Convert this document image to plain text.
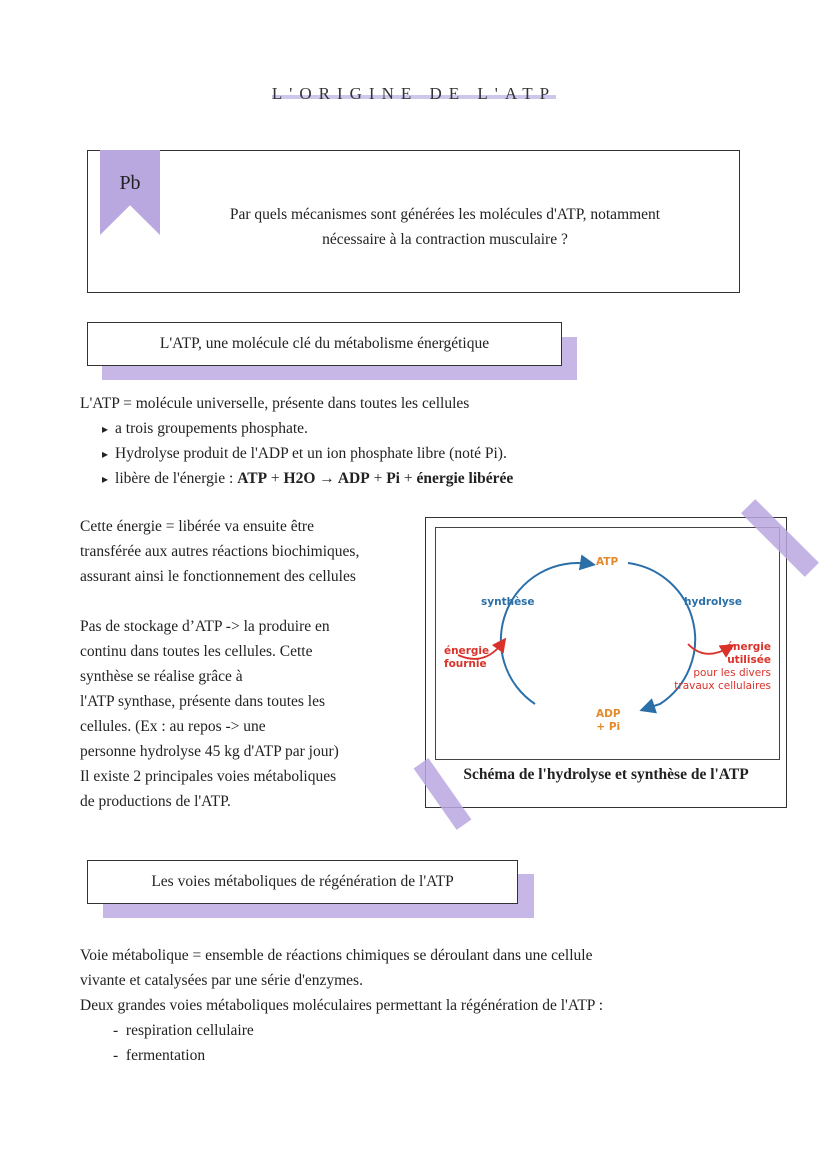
L'ORIGINE DE L'ATP
Pb
Par quels mécanismes sont générées les molécules d'ATP, notamment
nécessaire à la contraction musculaire ?
L'ATP, une molécule clé du métabolisme énergétique
L'ATP = molécule universelle, présente dans toutes les cellules
▸ a trois groupements phosphate.
▸ Hydrolyse produit de l'ADP et un ion phosphate libre (noté Pi).
▸ libère de l'énergie : ATP + H2O → ADP + Pi + énergie libérée
Cette énergie = libérée va ensuite être
transférée aux autres réactions biochimiques,
assurant ainsi le fonctionnement des cellules
Pas de stockage d’ATP -> la produire en
continu dans toutes les cellules. Cette
synthèse se réalise grâce à
l'ATP synthase, présente dans toutes les
cellules. (Ex : au repos -> une
personne hydrolyse 45 kg d'ATP par jour)
Il existe 2 principales voies métaboliques
de productions de l'ATP.
ATP
ADP
+ Pi
synthèse	hydrolyse
énergie
fournie
énergie
utilisée
pour les divers
travaux cellulaires
Schéma de l'hydrolyse et synthèse de l'ATP
Les voies métaboliques de régénération de l'ATP
Voie métabolique = ensemble de réactions chimiques se déroulant dans une cellule
vivante et catalysées par une série d'enzymes.
Deux grandes voies métaboliques moléculaires permettant la régénération de l'ATP :
-  respiration cellulaire
-  fermentation
